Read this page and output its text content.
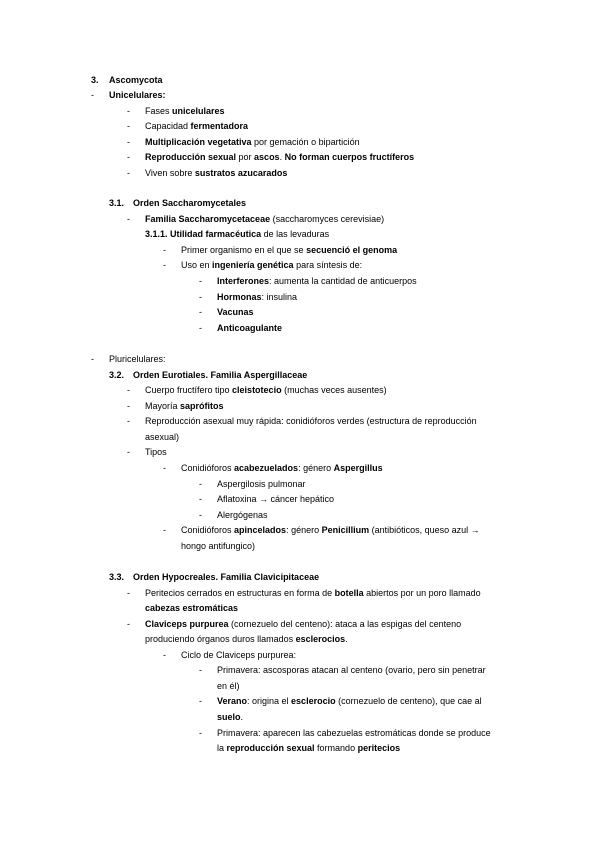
3. Ascomycota
- Unicelulares:
- Fases unicelulares
- Capacidad fermentadora
- Multiplicación vegetativa por gemación o bipartición
- Reproducción sexual por ascos. No forman cuerpos fructíferos
- Viven sobre sustratos azucarados
3.1. Orden Saccharomycetales
- Familia Saccharomycetaceae (saccharomyces cerevisiae)
3.1.1. Utilidad farmacéutica de las levaduras
- Primer organismo en el que se secuenció el genoma
- Uso en ingeniería genética para síntesis de:
- Interferones: aumenta la cantidad de anticuerpos
- Hormonas: insulina
- Vacunas
- Anticoagulante
- Pluricelulares:
3.2. Orden Eurotiales. Familia Aspergillaceae
- Cuerpo fructífero tipo cleistotecio (muchas veces ausentes)
- Mayoría saprófitos
- Reproducción asexual muy rápida: conidióforos verdes (estructura de reproducción
asexual)
- Tipos
- Conidióforos acabezuelados: género Aspergillus
- Aspergilosis pulmonar
- Aflatoxina → cáncer hepático
- Alergógenas
- Conidióforos apincelados: género Penicillium (antibióticos, queso azul →
hongo antifungico)
3.3. Orden Hypocreales. Familia Clavicipitaceae
- Peritecios cerrados en estructuras en forma de botella abiertos por un poro llamado
cabezas estromáticas
- Claviceps purpurea (cornezuelo del centeno): ataca a las espigas del centeno
produciendo órganos duros llamados esclerocios.
- Ciclo de Claviceps purpurea:
- Primavera: ascosporas atacan al centeno (ovario, pero sin penetrar
en él)
- Verano: origina el esclerocio (cornezuelo de centeno), que cae al
suelo.
- Primavera: aparecen las cabezuelas estromáticas donde se produce
la reproducción sexual formando peritecios
